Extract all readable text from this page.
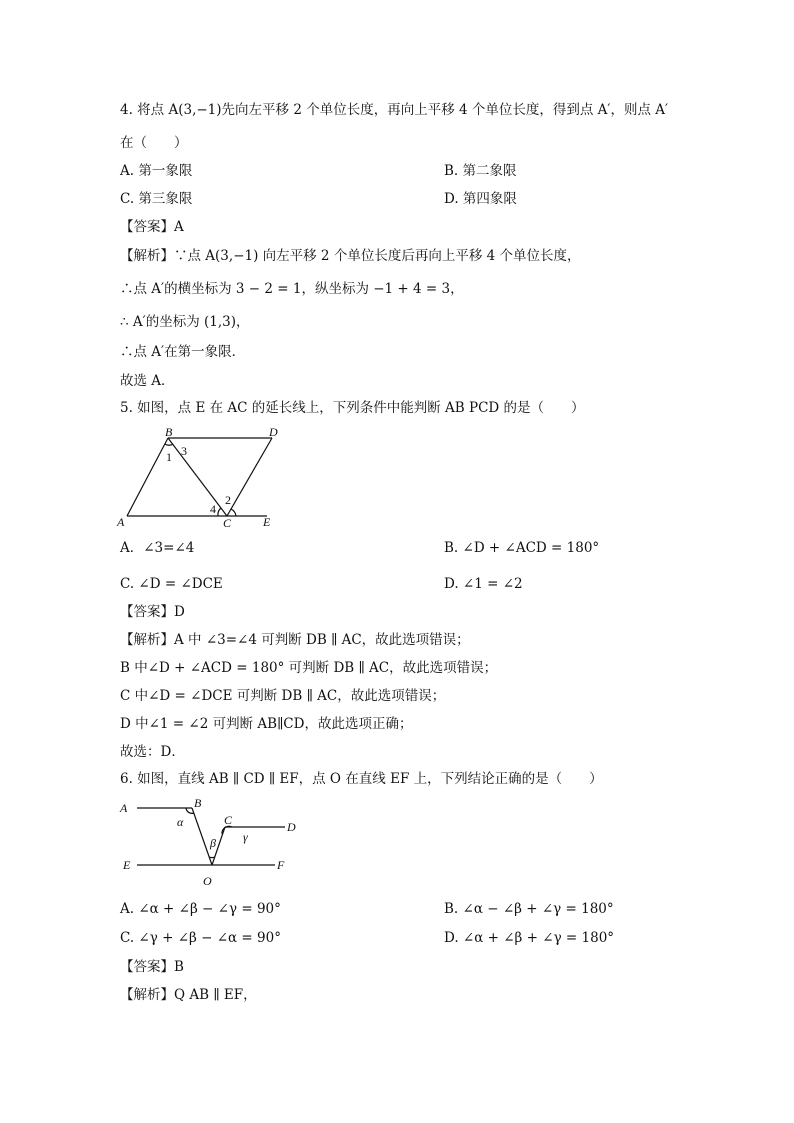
4. 将点 A(3,−1)先向左平移 2 个单位长度，再向上平移 4 个单位长度，得到点 A′，则点 A′
在（　　）
A. 第一象限	B. 第二象限
C. 第三象限	D. 第四象限
【答案】A
【解析】∵点 A(3,−1) 向左平移 2 个单位长度后再向上平移 4 个单位长度，
∴点 A′的横坐标为 3 − 2 = 1，纵坐标为 −1 + 4 = 3，
∴ A′的坐标为 (1,3)，
∴点 A′在第一象限．
故选 A．
5. 如图，点 E 在 AC 的延长线上，下列条件中能判断 AB PCD 的是（　　）
A
B
C
D
E
1 3
2
4
A．∠3=∠4	B. ∠D + ∠ACD = 180°
C. ∠D = ∠DCE	D. ∠1 = ∠2
【答案】D
【解析】A 中 ∠3=∠4 可判断 DB ∥ AC，故此选项错误；
B 中∠D + ∠ACD = 180° 可判断 DB ∥ AC，故此选项错误；
C 中∠D = ∠DCE 可判断 DB ∥ AC，故此选项错误；
D 中∠1 = ∠2 可判断 AB∥CD，故此选项正确；
故选：D．
6. 如图，直线 AB ∥ CD ∥ EF，点 O 在直线 EF 上，下列结论正确的是（　　）
A	B
C	D
E	F
O
α
β γ
A. ∠α + ∠β − ∠γ = 90°	B. ∠α − ∠β + ∠γ = 180°
C. ∠γ + ∠β − ∠α = 90°	D. ∠α + ∠β + ∠γ = 180°
【答案】B
【解析】Q AB ∥ EF，
